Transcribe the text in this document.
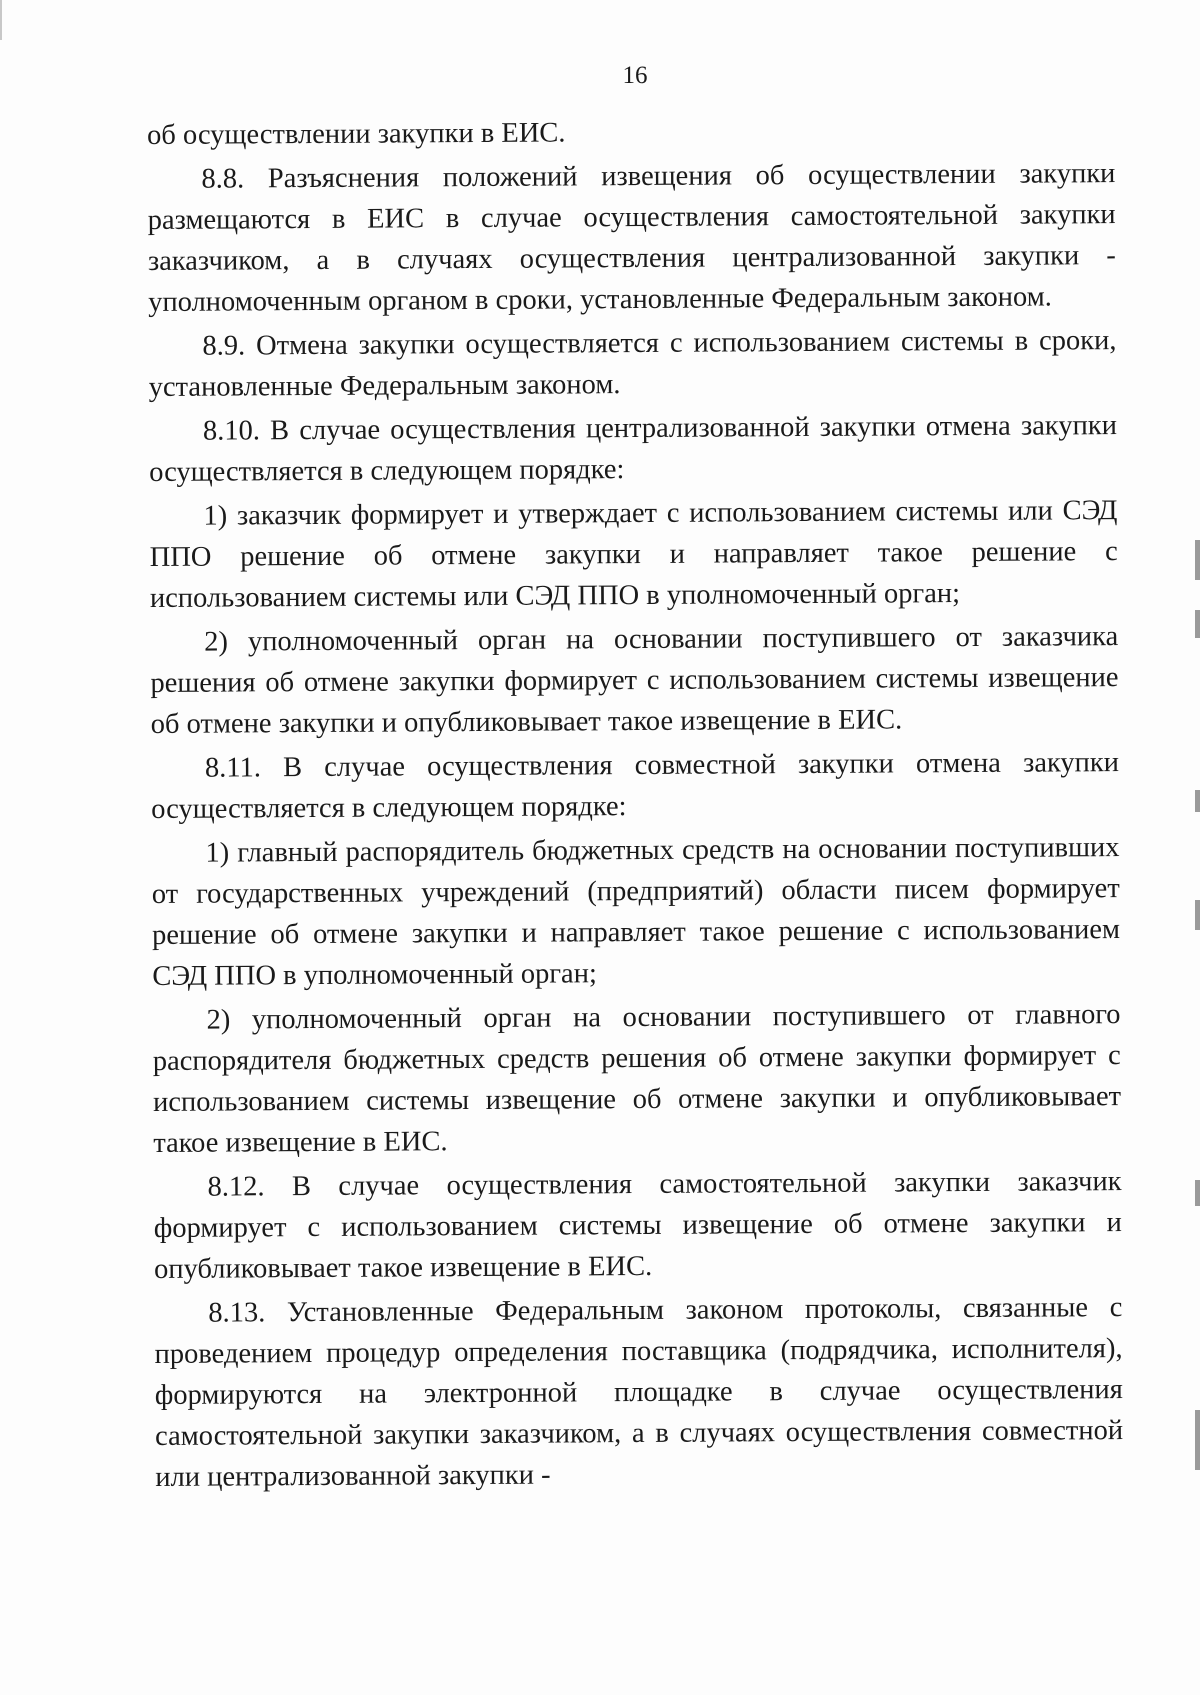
16

об осуществлении закупки в ЕИС.

8.8. Разъяснения положений извещения об осуществлении закупки размещаются в ЕИС в случае осуществления самостоятельной закупки заказчиком, а в случаях осуществления централизованной закупки - уполномоченным органом в сроки, установленные Федеральным законом.

8.9. Отмена закупки осуществляется с использованием системы в сроки, установленные Федеральным законом.

8.10. В случае осуществления централизованной закупки отмена закупки осуществляется в следующем порядке:

1) заказчик формирует и утверждает с использованием системы или СЭД ППО решение об отмене закупки и направляет такое решение с использованием системы или СЭД ППО в уполномоченный орган;

2) уполномоченный орган на основании поступившего от заказчика решения об отмене закупки формирует с использованием системы извещение об отмене закупки и опубликовывает такое извещение в ЕИС.

8.11. В случае осуществления совместной закупки отмена закупки осуществляется в следующем порядке:

1) главный распорядитель бюджетных средств на основании поступивших от государственных учреждений (предприятий) области писем формирует решение об отмене закупки и направляет такое решение с использованием СЭД ППО в уполномоченный орган;

2) уполномоченный орган на основании поступившего от главного распорядителя бюджетных средств решения об отмене закупки формирует с использованием системы извещение об отмене закупки и опубликовывает такое извещение в ЕИС.

8.12. В случае осуществления самостоятельной закупки заказчик формирует с использованием системы извещение об отмене закупки и опубликовывает такое извещение в ЕИС.

8.13. Установленные Федеральным законом протоколы, связанные с проведением процедур определения поставщика (подрядчика, исполнителя), формируются на электронной площадке в случае осуществления самостоятельной закупки заказчиком, а в случаях осуществления совместной или централизованной закупки -
